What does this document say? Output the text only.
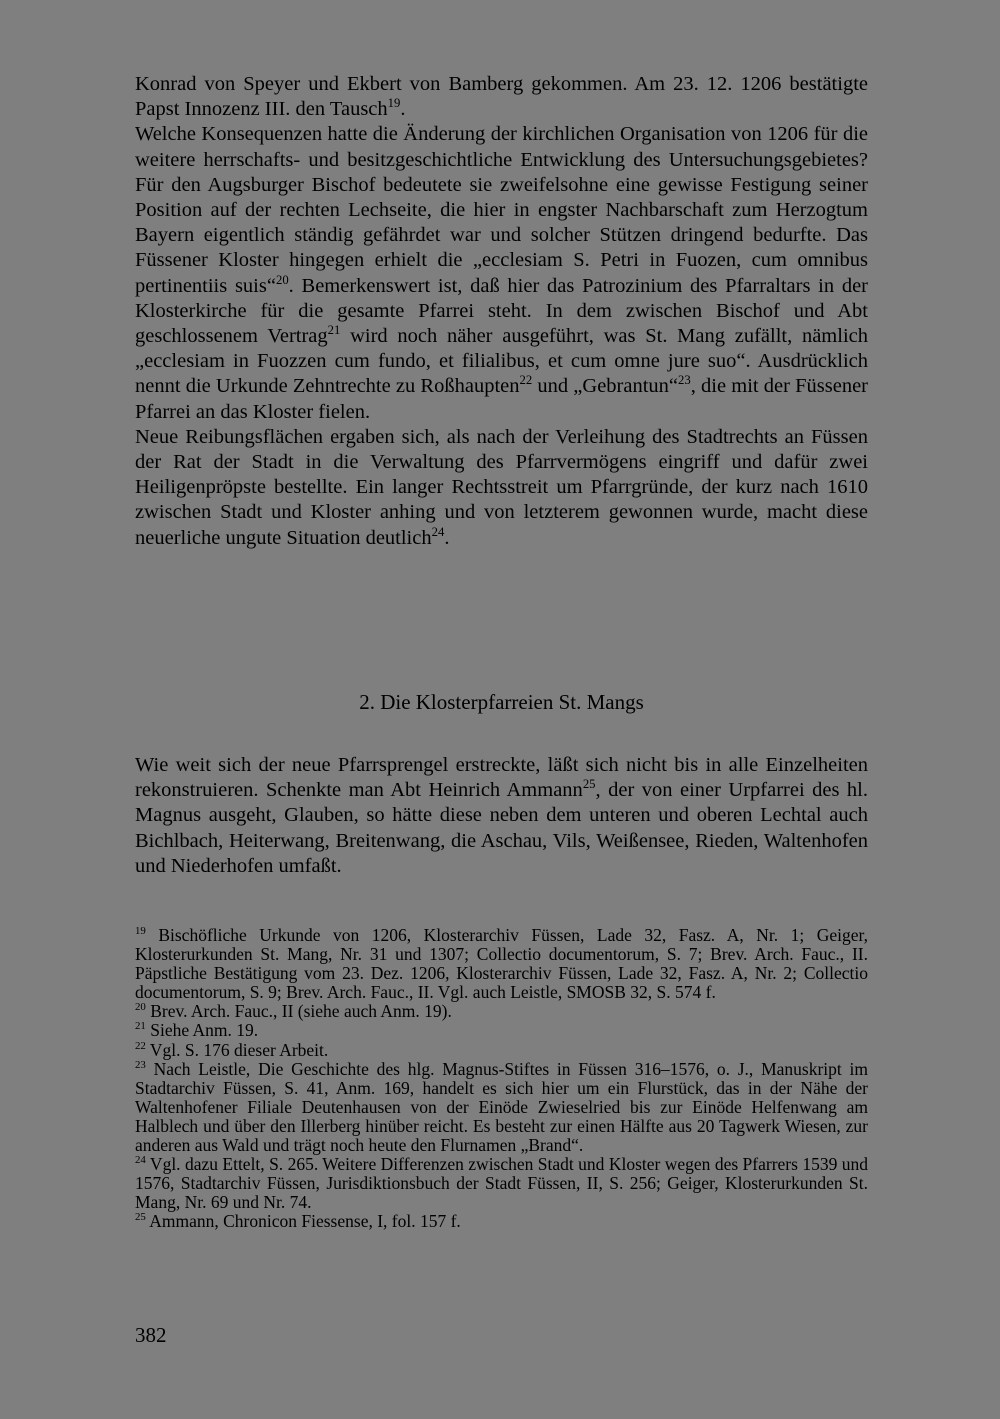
Konrad von Speyer und Ekbert von Bamberg gekommen. Am 23. 12. 1206 bestätigte Papst Innozenz III. den Tausch$^{19}$.

Welche Konsequenzen hatte die Änderung der kirchlichen Organisation von 1206 für die weitere herrschafts- und besitzgeschichtliche Entwicklung des Untersuchungsgebietes? Für den Augsburger Bischof bedeutete sie zweifelsohne eine gewisse Festigung seiner Position auf der rechten Lechseite, die hier in engster Nachbarschaft zum Herzogtum Bayern eigentlich ständig gefährdet war und solcher Stützen dringend bedurfte. Das Füssener Kloster hingegen erhielt die „ecclesiam S. Petri in Fuozen, cum omnibus pertinentiis suis“$^{20}$. Bemerkenswert ist, daß hier das Patrozinium des Pfarraltars in der Klosterkirche für die gesamte Pfarrei steht. In dem zwischen Bischof und Abt geschlossenem Vertrag$^{21}$ wird noch näher ausgeführt, was St. Mang zufällt, nämlich „ecclesiam in Fuozzen cum fundo, et filialibus, et cum omne jure suo“. Ausdrücklich nennt die Urkunde Zehntrechte zu Roßhaupten$^{22}$ und „Gebrantun“$^{23}$, die mit der Füssener Pfarrei an das Kloster fielen.

Neue Reibungsflächen ergaben sich, als nach der Verleihung des Stadtrechts an Füssen der Rat der Stadt in die Verwaltung des Pfarrvermögens eingriff und dafür zwei Heiligenpröpste bestellte. Ein langer Rechtsstreit um Pfarrgründe, der kurz nach 1610 zwischen Stadt und Kloster anhing und von letzterem gewonnen wurde, macht diese neuerliche ungute Situation deutlich$^{24}$.

2. Die Klosterpfarreien St. Mangs

Wie weit sich der neue Pfarrsprengel erstreckte, läßt sich nicht bis in alle Einzelheiten rekonstruieren. Schenkte man Abt Heinrich Ammann$^{25}$, der von einer Urpfarrei des hl. Magnus ausgeht, Glauben, so hätte diese neben dem unteren und oberen Lechtal auch Bichlbach, Heiterwang, Breitenwang, die Aschau, Vils, Weißensee, Rieden, Waltenhofen und Niederhofen umfaßt.

$^{19}$ Bischöfliche Urkunde von 1206, Klosterarchiv Füssen, Lade 32, Fasz. A, Nr. 1; Geiger, Klosterurkunden St. Mang, Nr. 31 und 1307; Collectio documentorum, S. 7; Brev. Arch. Fauc., II. Päpstliche Bestätigung vom 23. Dez. 1206, Klosterarchiv Füssen, Lade 32, Fasz. A, Nr. 2; Collectio documentorum, S. 9; Brev. Arch. Fauc., II. Vgl. auch Leistle, SMOSB 32, S. 574 f.

$^{20}$ Brev. Arch. Fauc., II (siehe auch Anm. 19).

$^{21}$ Siehe Anm. 19.

$^{22}$ Vgl. S. 176 dieser Arbeit.

$^{23}$ Nach Leistle, Die Geschichte des hlg. Magnus-Stiftes in Füssen 316–1576, o. J., Manuskript im Stadtarchiv Füssen, S. 41, Anm. 169, handelt es sich hier um ein Flurstück, das in der Nähe der Waltenhofener Filiale Deutenhausen von der Einöde Zwieselried bis zur Einöde Helfenwang am Halblech und über den Illerberg hinüber reicht. Es besteht zur einen Hälfte aus 20 Tagwerk Wiesen, zur anderen aus Wald und trägt noch heute den Flurnamen „Brand“.

$^{24}$ Vgl. dazu Ettelt, S. 265. Weitere Differenzen zwischen Stadt und Kloster wegen des Pfarrers 1539 und 1576, Stadtarchiv Füssen, Jurisdiktionsbuch der Stadt Füssen, II, S. 256; Geiger, Klosterurkunden St. Mang, Nr. 69 und Nr. 74.

$^{25}$ Ammann, Chronicon Fiessense, I, fol. 157 f.

382
